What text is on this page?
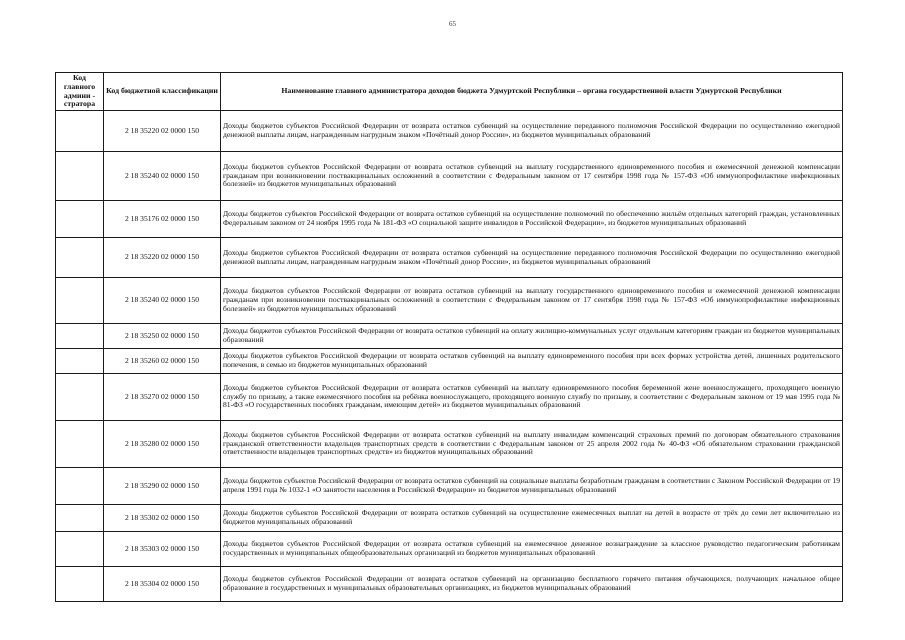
65
Код главного админи - стратора	Код бюджетной классификации	Наименование главного администратора доходов бюджета Удмуртской Республики – органа государственной власти Удмуртской Республики
	2 18 35220 02 0000 150	Доходы бюджетов субъектов Российской Федерации от возврата остатков субвенций на осуществление переданного полномочия Российской Федерации по осуществлению ежегодной денежной выплаты лицам, награжденным нагрудным знаком «Почётный донор России», из бюджетов муниципальных образований
	2 18 35240 02 0000 150	Доходы бюджетов субъектов Российской Федерации от возврата остатков субвенций на выплату государственного единовременного пособия и ежемесячной денежной компенсации гражданам при возникновении поствакцинальных осложнений в соответствии с Федеральным законом от 17 сентября 1998 года № 157-ФЗ «Об иммунопрофилактике инфекционных болезней» из бюджетов муниципальных образований
	2 18 35176 02 0000 150	Доходы бюджетов субъектов Российской Федерации от возврата остатков субвенций на осуществление полномочий по обеспечению жильём отдельных категорий граждан, установленных Федеральным законом от 24 ноября 1995 года № 181-ФЗ «О социальной защите инвалидов в Российской Федерации», из бюджетов муниципальных образований
	2 18 35220 02 0000 150	Доходы бюджетов субъектов Российской Федерации от возврата остатков субвенций на осуществление переданного полномочия Российской Федерации по осуществлению ежегодной денежной выплаты лицам, награжденным нагрудным знаком «Почётный донор России», из бюджетов муниципальных образований
	2 18 35240 02 0000 150	Доходы бюджетов субъектов Российской Федерации от возврата остатков субвенций на выплату государственного единовременного пособия и ежемесячной денежной компенсации гражданам при возникновении поствакцинальных осложнений в соответствии с Федеральным законом от 17 сентября 1998 года № 157-ФЗ «Об иммунопрофилактике инфекционных болезней» из бюджетов муниципальных образований
	2 18 35250 02 0000 150	Доходы бюджетов субъектов Российской Федерации от возврата остатков субвенций на оплату жилищно-коммунальных услуг отдельным категориям граждан из бюджетов муниципальных образований
	2 18 35260 02 0000 150	Доходы бюджетов субъектов Российской Федерации от возврата остатков субвенций на выплату единовременного пособия при всех формах устройства детей, лишенных родительского попечения, в семью из бюджетов муниципальных образований
	2 18 35270 02 0000 150	Доходы бюджетов субъектов Российской Федерации от возврата остатков субвенций на выплату единовременного пособия беременной жене военнослужащего, проходящего военную службу по призыву, а также ежемесячного пособия на ребёнка военнослужащего, проходящего военную службу по призыву, в соответствии с Федеральным законом от 19 мая 1995 года № 81-ФЗ «О государственных пособиях гражданам, имеющим детей» из бюджетов муниципальных образований
	2 18 35280 02 0000 150	Доходы бюджетов субъектов Российской Федерации от возврата остатков субвенций на выплату инвалидам компенсаций страховых премий по договорам обязательного страхования гражданской ответственности владельцев транспортных средств в соответствии с Федеральным законом от 25 апреля 2002 года № 40-ФЗ «Об обязательном страховании гражданской ответственности владельцев транспортных средств» из бюджетов муниципальных образований
	2 18 35290 02 0000 150	Доходы бюджетов субъектов Российской Федерации от возврата остатков субвенций на социальные выплаты безработным гражданам в соответствии с Законом Российской Федерации от 19 апреля 1991 года № 1032-1 «О занятости населения в Российской Федерации» из бюджетов муниципальных образований
	2 18 35302 02 0000 150	Доходы бюджетов субъектов Российской Федерации от возврата остатков субвенций на осуществление ежемесячных выплат на детей в возрасте от трёх до семи лет включительно из бюджетов муниципальных образований
	2 18 35303 02 0000 150	Доходы бюджетов субъектов Российской Федерации от возврата остатков субвенций на ежемесячное денежное вознаграждение за классное руководство педагогическим работникам государственных и муниципальных общеобразовательных организаций из бюджетов муниципальных образований
	2 18 35304 02 0000 150	Доходы бюджетов субъектов Российской Федерации от возврата остатков субвенций на организацию бесплатного горячего питания обучающихся, получающих начальное общее образование в государственных и муниципальных образовательных организациях, из бюджетов муниципальных образований
